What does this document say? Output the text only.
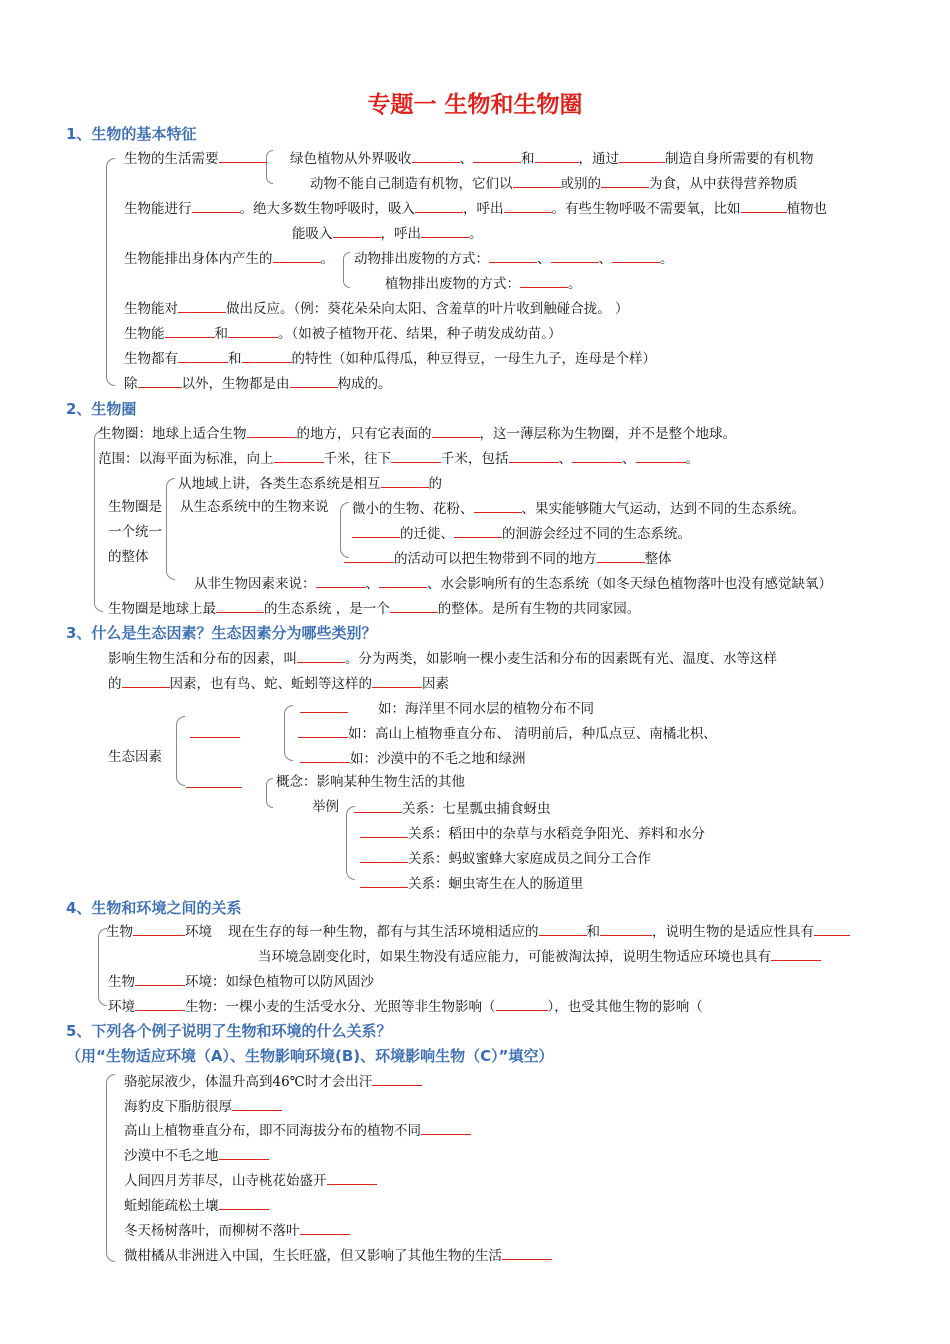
专题一 生物和生物圈
1、生物的基本特征
生物的生活需要	绿色植物从外界吸收	、	和	，通过	制造自身所需要的有机物
动物不能自己制造有机物，它们以	或别的	为食，从中获得营养物质
生物能进行	。绝大多数生物呼吸时，吸入	，呼出	。有些生物呼吸不需要氧，比如	植物也
能吸入	，呼出	。
生物能排出身体内产生的	。 动物排出废物的方式：	、	、	。
植物排出废物的方式：	。
生物能对	做出反应。（例：葵花朵朵向太阳、含羞草的叶片收到触碰合拢。 ）
生物能	和	。（如被子植物开花、结果，种子萌发成幼苗。）
生物都有	和	的特性（如种瓜得瓜，种豆得豆，一母生九子，连母是个样）
除	以外，生物都是由	构成的。
2、生物圈
生物圈：地球上适合生物	的地方，只有它表面的	，这一薄层称为生物圈，并不是整个地球。
范围：以海平面为标准，向上	千米，往下	千米，包括	、	、	。
生物圈是
一个统一
的整体
从地域上讲，各类生态系统是相互	的
从生态系统中的生物来说 微小的生物、花粉、	、果实能够随大气运动，达到不同的生态系统。
的迁徙、	的洄游会经过不同的生态系统。
的活动可以把生物带到不同的地方	整体
从非生物因素来说：	、	、水会影响所有的生态系统（如冬天绿色植物落叶也没有感觉缺氧）
生物圈是地球上最	的生态系统 ，是一个	的整体。是所有生物的共同家园。
3、什么是生态因素？生态因素分为哪些类别？
影响生物生活和分布的因素，叫	。分为两类，如影响一棵小麦生活和分布的因素既有光、温度、水等这样
的	因素，也有鸟、蛇、蚯蚓等这样的	因素
生态因素
如：海洋里不同水层的植物分布不同
如：高山上植物垂直分布、 清明前后，种瓜点豆、南橘北枳、
如：沙漠中的不毛之地和绿洲
概念：影响某种生物生活的其他
举例	关系：七星瓢虫捕食蚜虫
关系：稻田中的杂草与水稻竞争阳光、养料和水分
关系：蚂蚁蜜蜂大家庭成员之间分工合作
关系：蛔虫寄生在人的肠道里
4、生物和环境之间的关系
生物	环境 现在生存的每一种生物，都有与其生活环境相适应的	和	，说明生物的是适应性具有
当环境急剧变化时，如果生物没有适应能力，可能被淘汰掉，说明生物适应环境也具有
生物	环境：如绿色植物可以防风固沙
环境	生物：一棵小麦的生活受水分、光照等非生物影响（	），也受其他生物的影响（
5、下列各个例子说明了生物和环境的什么关系？
（用“生物适应环境（A）、生物影响环境(B)、环境影响生物（C）”填空）
骆驼尿液少，体温升高到46℃时才会出汗
海豹皮下脂肪很厚
高山上植物垂直分布，即不同海拔分布的植物不同
沙漠中不毛之地
人间四月芳菲尽，山寺桃花始盛开
蚯蚓能疏松土壤
冬天杨树落叶，而柳树不落叶
微柑橘从非洲进入中国，生长旺盛，但又影响了其他生物的生活
